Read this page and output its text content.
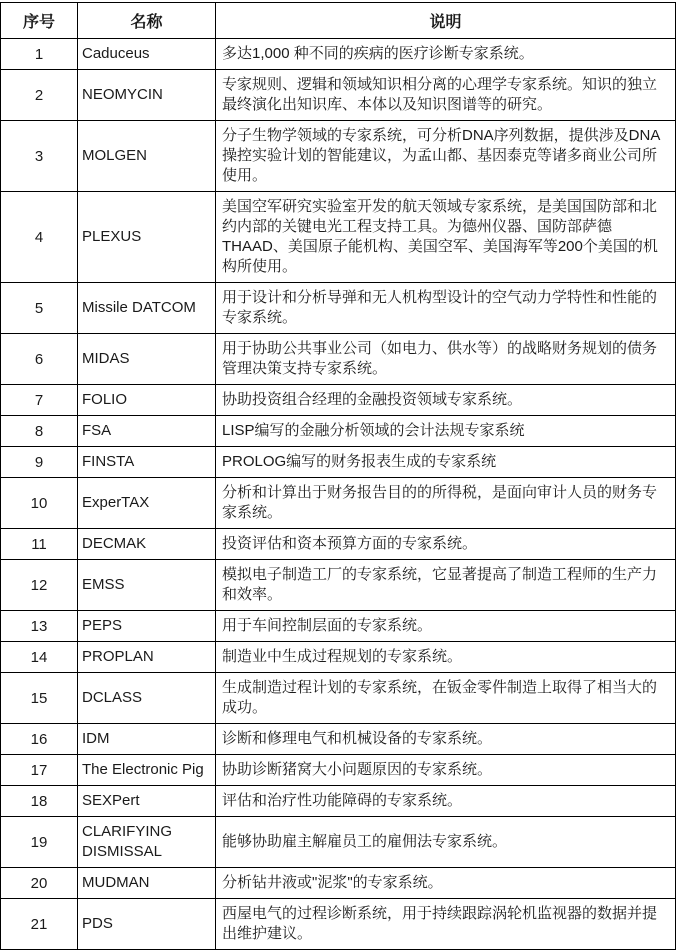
序号	名称	说明
1	Caduceus	多达1,000 种不同的疾病的医疗诊断专家系统。
2	NEOMYCIN	专家规则、逻辑和领域知识相分离的心理学专家系统。知识的独立最终演化出知识库、本体以及知识图谱等的研究。
3	MOLGEN	分子生物学领域的专家系统，可分析DNA序列数据，提供涉及DNA操控实验计划的智能建议，为孟山都、基因泰克等诸多商业公司所使用。
4	PLEXUS	美国空军研究实验室开发的航天领域专家系统，是美国国防部和北约内部的关键电光工程支持工具。为德州仪器、国防部萨德THAAD、美国原子能机构、美国空军、美国海军等200个美国的机构所使用。
5	Missile DATCOM	用于设计和分析导弹和无人机构型设计的空气动力学特性和性能的专家系统。
6	MIDAS	用于协助公共事业公司（如电力、供水等）的战略财务规划的债务管理决策支持专家系统。
7	FOLIO	协助投资组合经理的金融投资领域专家系统。
8	FSA	LISP编写的金融分析领域的会计法规专家系统
9	FINSTA	PROLOG编写的财务报表生成的专家系统
10	ExperTAX	分析和计算出于财务报告目的的所得税，是面向审计人员的财务专家系统。
11	DECMAK	投资评估和资本预算方面的专家系统。
12	EMSS	模拟电子制造工厂的专家系统，它显著提高了制造工程师的生产力和效率。
13	PEPS	用于车间控制层面的专家系统。
14	PROPLAN	制造业中生成过程规划的专家系统。
15	DCLASS	生成制造过程计划的专家系统，在钣金零件制造上取得了相当大的成功。
16	IDM	诊断和修理电气和机械设备的专家系统。
17	The Electronic Pig	协助诊断猪窝大小问题原因的专家系统。
18	SEXPert	评估和治疗性功能障碍的专家系统。
19	CLARIFYING DISMISSAL	能够协助雇主解雇员工的雇佣法专家系统。
20	MUDMAN	分析钻井液或"泥浆"的专家系统。
21	PDS	西屋电气的过程诊断系统，用于持续跟踪涡轮机监视器的数据并提出维护建议。
